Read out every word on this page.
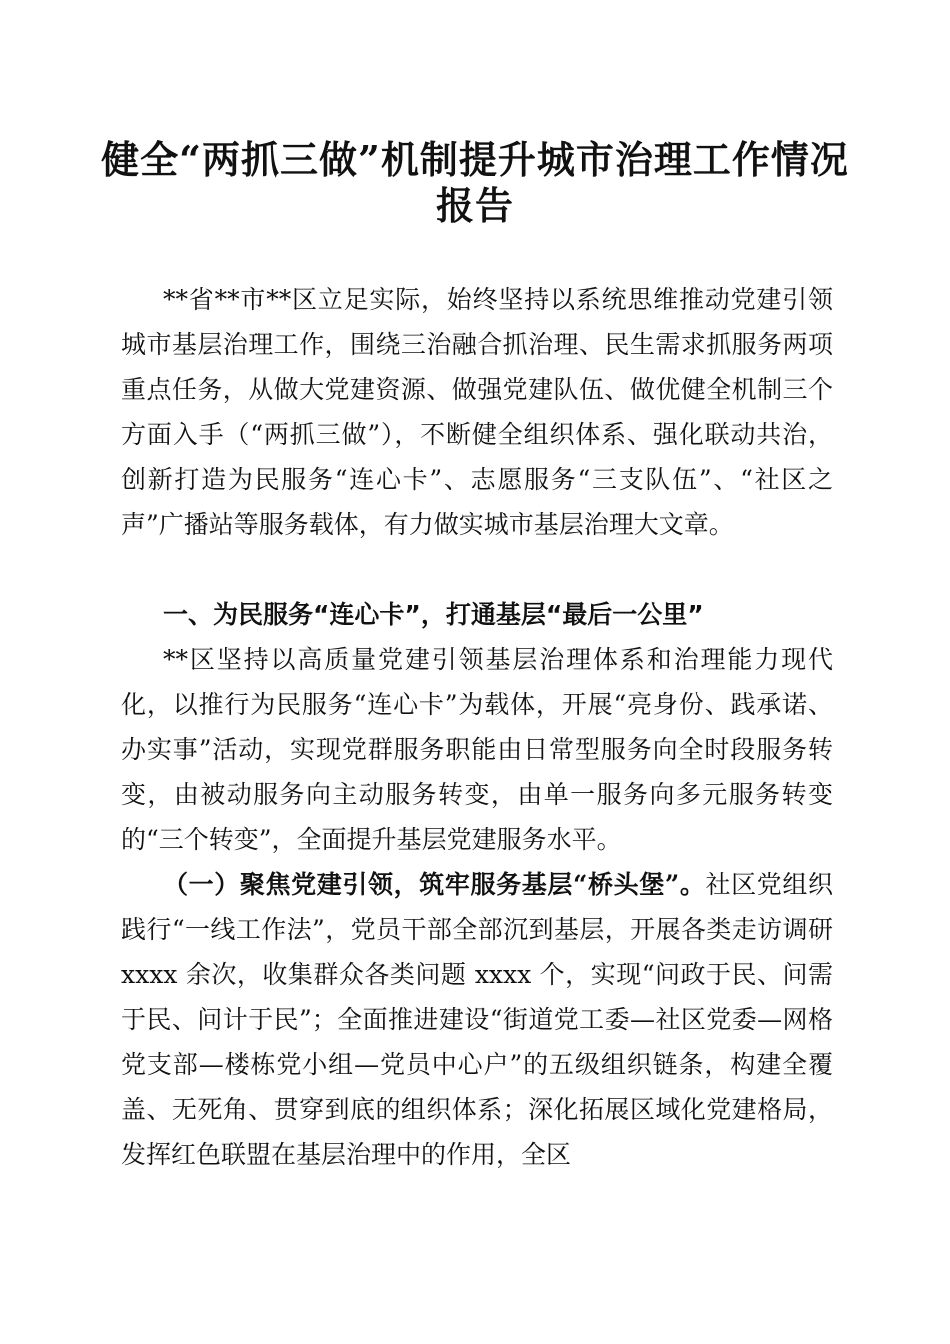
健全“两抓三做”机制提升城市治理工作情况
报告

**省**市**区立足实际，始终坚持以系统思维推动党建引领城市基层治理工作，围绕三治融合抓治理、民生需求抓服务两项重点任务，从做大党建资源、做强党建队伍、做优健全机制三个方面入手（“两抓三做”），不断健全组织体系、强化联动共治，创新打造为民服务“连心卡”、志愿服务“三支队伍”、“社区之声”广播站等服务载体，有力做实城市基层治理大文章。

一、为民服务“连心卡”，打通基层“最后一公里”

**区坚持以高质量党建引领基层治理体系和治理能力现代化，以推行为民服务“连心卡”为载体，开展“亮身份、践承诺、办实事”活动，实现党群服务职能由日常型服务向全时段服务转变，由被动服务向主动服务转变，由单一服务向多元服务转变的“三个转变”，全面提升基层党建服务水平。

（一）聚焦党建引领，筑牢服务基层“桥头堡”。社区党组织践行“一线工作法”，党员干部全部沉到基层，开展各类走访调研 xxxx 余次，收集群众各类问题 xxxx 个，实现“问政于民、问需于民、问计于民”；全面推进建设“街道党工委—社区党委—网格党支部—楼栋党小组—党员中心户”的五级组织链条，构建全覆盖、无死角、贯穿到底的组织体系；深化拓展区域化党建格局，发挥红色联盟在基层治理中的作用，全区
